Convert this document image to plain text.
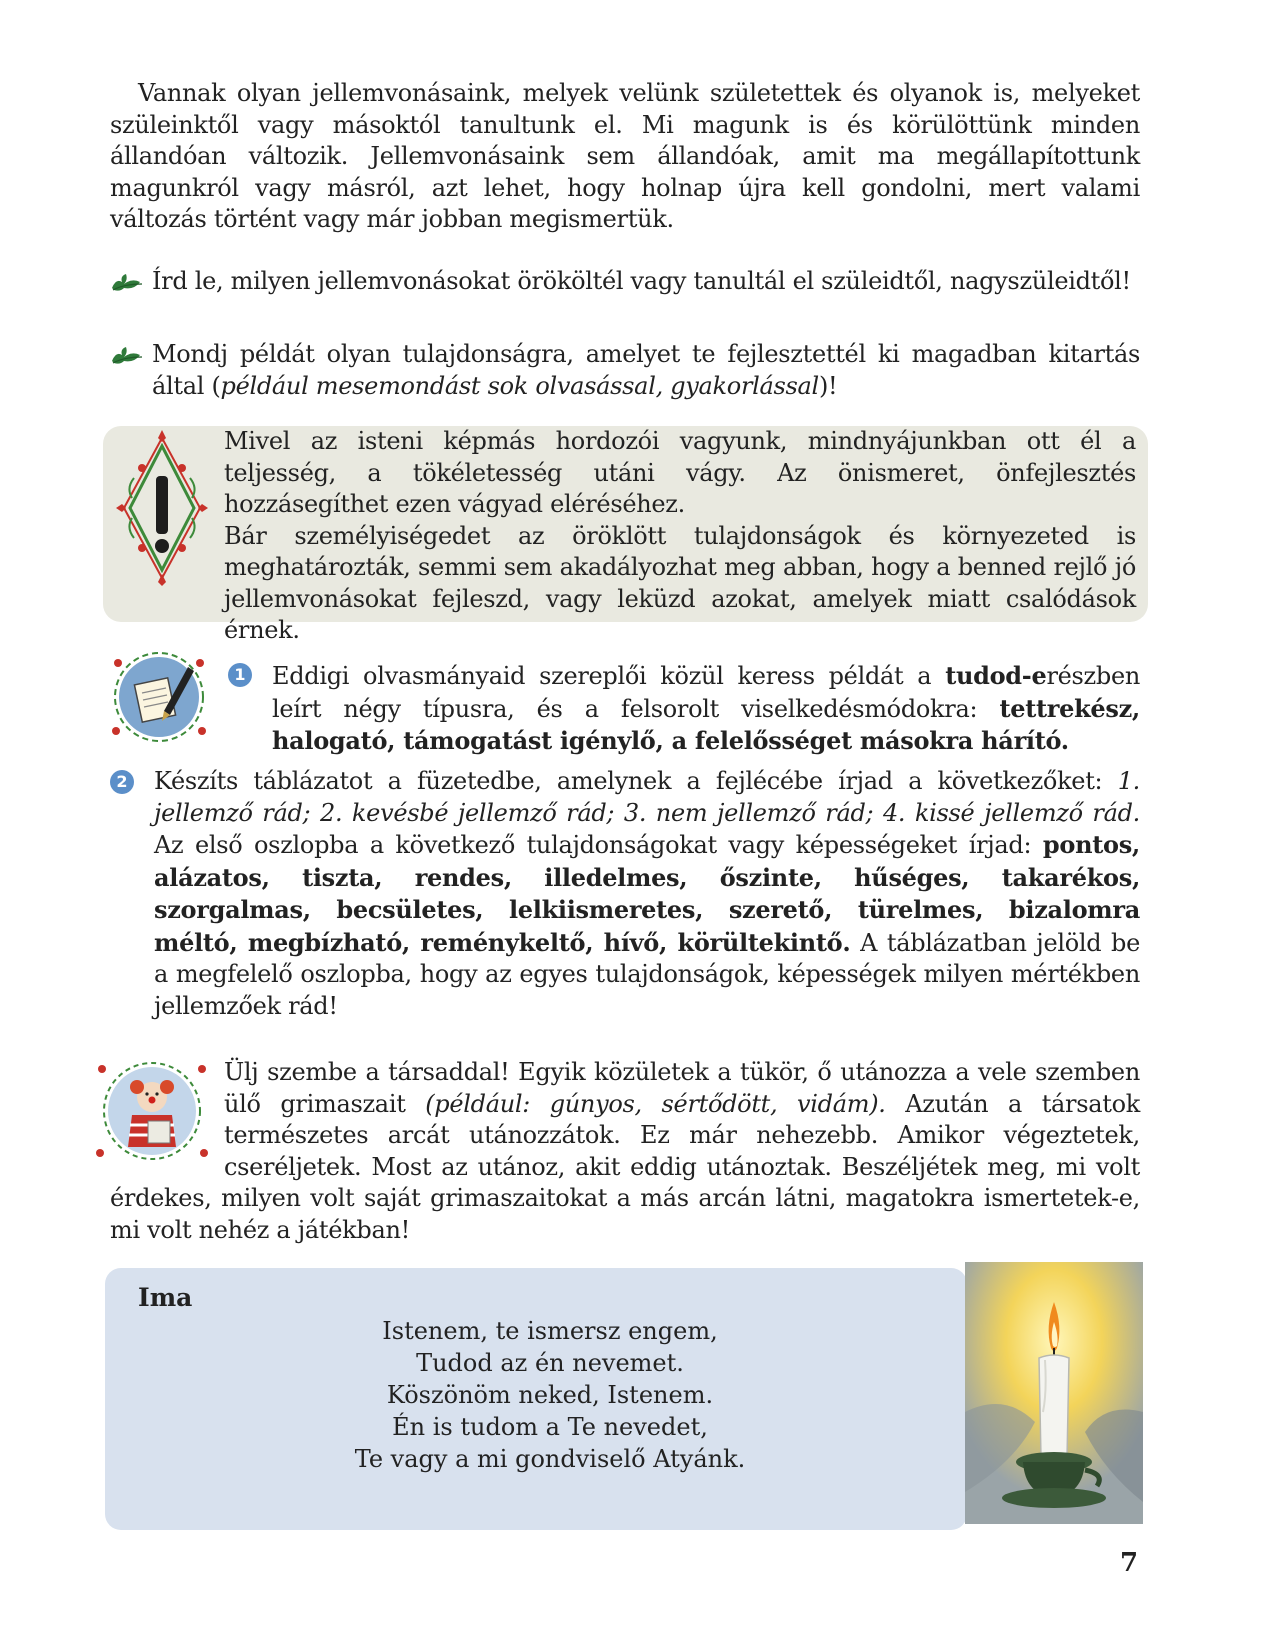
Vannak olyan jellemvonásaink, melyek velünk születettek és olyanok is, melyeket szüleinktől vagy másoktól tanultunk el. Mi magunk is és körülöttünk minden állandóan változik. Jellemvonásaink sem állandóak, amit ma megállapítottunk magunkról vagy másról, azt lehet, hogy holnap újra kell gondolni, mert valami változás történt vagy már jobban megismertük.

Írd le, milyen jellemvonásokat örököltél vagy tanultál el szüleidtől, nagyszüleidtől!

Mondj példát olyan tulajdonságra, amelyet te fejlesztettél ki magadban kitartás által (például mesemondást sok olvasással, gyakorlással)!

Mivel az isteni képmás hordozói vagyunk, mindnyájunkban ott él a teljesség, a tökéletesség utáni vágy. Az önismeret, önfejlesztés hozzásegíthet ezen vágyad eléréséhez.

Bár személyiségedet az öröklött tulajdonságok és környezeted is meghatározták, semmi sem akadályozhat meg abban, hogy a benned rejlő jó jellemvonásokat fejleszd, vagy leküzd azokat, amelyek miatt csalódások érnek.

1 Eddigi olvasmányaid szereplői közül keress példát a tudod-erészben leírt négy típusra, és a felsorolt viselkedésmódokra: tettrekész, halogató, támogatást igénylő, a felelősséget másokra hárító.

2 Készíts táblázatot a füzetedbe, amelynek a fejlécébe írjad a következőket: 1. jellemző rád; 2. kevésbé jellemző rád; 3. nem jellemző rád; 4. kissé jellemző rád. Az első oszlopba a következő tulajdonságokat vagy képességeket írjad: pontos, alázatos, tiszta, rendes, illedelmes, őszinte, hűséges, takarékos, szorgalmas, becsületes, lelkiismeretes, szerető, türelmes, bizalomra méltó, megbízható, reménykeltő, hívő, körültekintő. A táblázatban jelöld be a megfelelő oszlopba, hogy az egyes tulajdonságok, képességek milyen mértékben jellemzőek rád!

Ülj szembe a társaddal! Egyik közületek a tükör, ő utánozza a vele szemben ülő grimaszait (például: gúnyos, sértődött, vidám). Azután a társatok természetes arcát utánozzátok. Ez már nehezebb. Amikor végeztetek, cseréljetek. Most az utánoz, akit eddig utánoztak. Beszéljétek meg, mi volt érdekes, milyen volt saját grimaszaitokat a más arcán látni, magatokra ismertetek-e, mi volt nehéz a játékban!

Ima
Istenem, te ismersz engem,
Tudod az én nevemet.
Köszönöm neked, Istenem.
Én is tudom a Te nevedet,
Te vagy a mi gondviselő Atyánk.
7
